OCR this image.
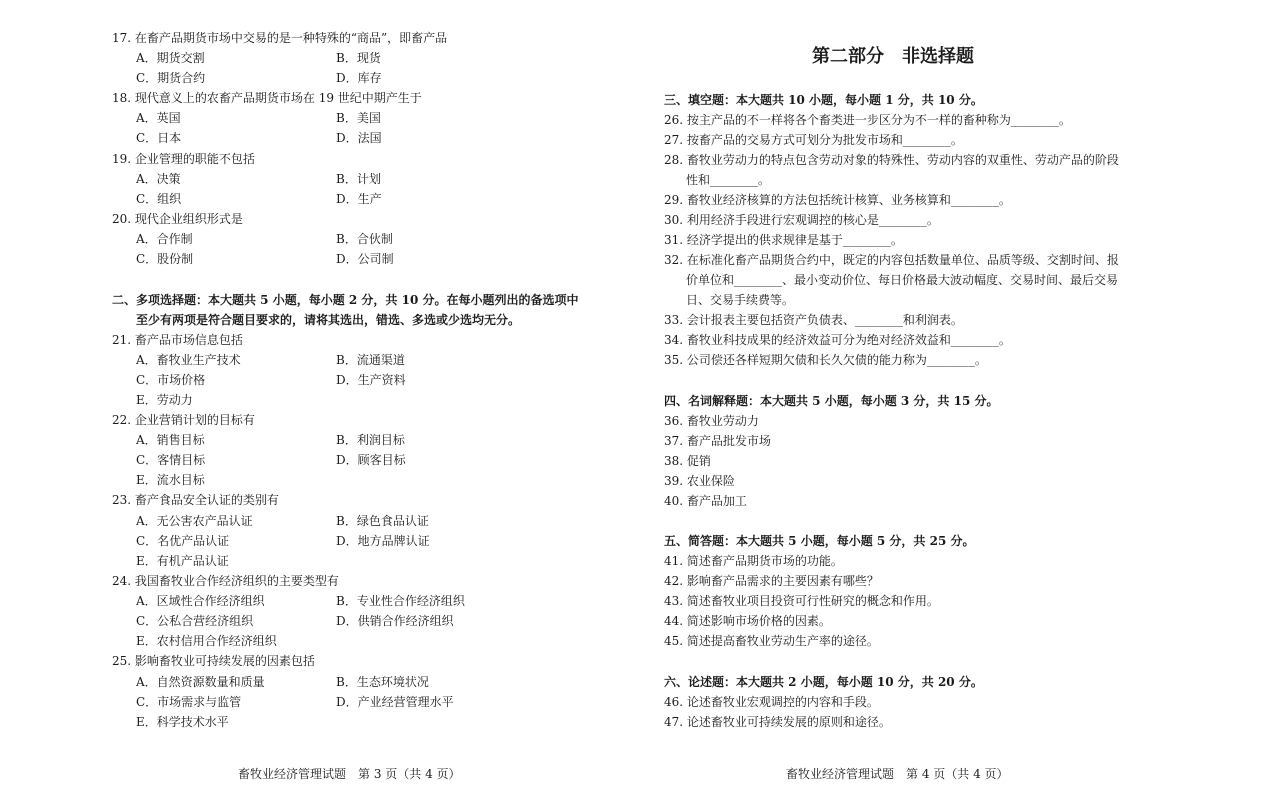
17. 在畜产品期货市场中交易的是一种特殊的“商品”，即畜产品
A．期货交割	B．现货
C．期货合约	D．库存
18. 现代意义上的农畜产品期货市场在 19 世纪中期产生于
A．英国	B．美国
C．日本	D．法国
19. 企业管理的职能不包括
A．决策	B．计划
C．组织	D．生产
20. 现代企业组织形式是
A．合作制	B．合伙制
C．股份制	D．公司制
二、多项选择题：本大题共 5 小题，每小题 2 分，共 10 分。在每小题列出的备选项中
至少有两项是符合题目要求的，请将其选出，错选、多选或少选均无分。
21. 畜产品市场信息包括
A．畜牧业生产技术	B．流通渠道
C．市场价格	D．生产资料
E．劳动力
22. 企业营销计划的目标有
A．销售目标	B．利润目标
C．客情目标	D．顾客目标
E．流水目标
23. 畜产食品安全认证的类别有
A．无公害农产品认证	B．绿色食品认证
C．名优产品认证	D．地方品牌认证
E．有机产品认证
24. 我国畜牧业合作经济组织的主要类型有
A．区域性合作经济组织	B．专业性合作经济组织
C．公私合营经济组织	D．供销合作经济组织
E．农村信用合作经济组织
25. 影响畜牧业可持续发展的因素包括
A．自然资源数量和质量	B．生态环境状况
C．市场需求与监管	D．产业经营管理水平
E．科学技术水平
畜牧业经济管理试题　第 3 页（共 4 页）
第二部分　非选择题
三、填空题：本大题共 10 小题，每小题 1 分，共 10 分。
26. 按主产品的不一样将各个畜类进一步区分为不一样的畜种称为________。
27. 按畜产品的交易方式可划分为批发市场和________。
28. 畜牧业劳动力的特点包含劳动对象的特殊性、劳动内容的双重性、劳动产品的阶段
性和________。
29. 畜牧业经济核算的方法包括统计核算、业务核算和________。
30. 利用经济手段进行宏观调控的核心是________。
31. 经济学提出的供求规律是基于________。
32. 在标准化畜产品期货合约中，既定的内容包括数量单位、品质等级、交割时间、报
价单位和________、最小变动价位、每日价格最大波动幅度、交易时间、最后交易
日、交易手续费等。
33. 会计报表主要包括资产负债表、________和利润表。
34. 畜牧业科技成果的经济效益可分为绝对经济效益和________。
35. 公司偿还各样短期欠债和长久欠债的能力称为________。
四、名词解释题：本大题共 5 小题，每小题 3 分，共 15 分。
36. 畜牧业劳动力
37. 畜产品批发市场
38. 促销
39. 农业保险
40. 畜产品加工
五、简答题：本大题共 5 小题，每小题 5 分，共 25 分。
41. 简述畜产品期货市场的功能。
42. 影响畜产品需求的主要因素有哪些？
43. 简述畜牧业项目投资可行性研究的概念和作用。
44. 简述影响市场价格的因素。
45. 简述提高畜牧业劳动生产率的途径。
六、论述题：本大题共 2 小题，每小题 10 分，共 20 分。
46. 论述畜牧业宏观调控的内容和手段。
47. 论述畜牧业可持续发展的原则和途径。
畜牧业经济管理试题　第 4 页（共 4 页）
